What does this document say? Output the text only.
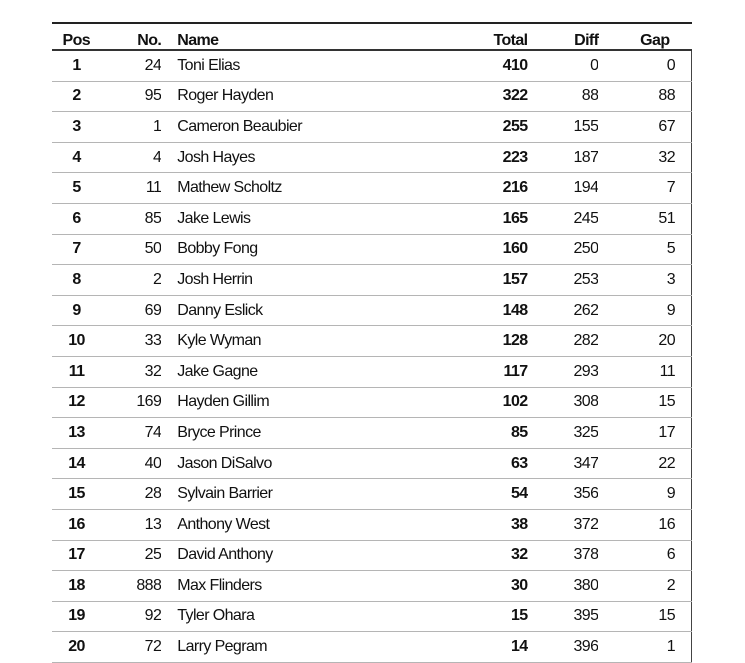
Pos	No.	Name	Total	Diff	Gap
1	24	Toni Elias	410	0	0
2	95	Roger Hayden	322	88	88
3	1	Cameron Beaubier	255	155	67
4	4	Josh Hayes	223	187	32
5	11	Mathew Scholtz	216	194	7
6	85	Jake Lewis	165	245	51
7	50	Bobby Fong	160	250	5
8	2	Josh Herrin	157	253	3
9	69	Danny Eslick	148	262	9
10	33	Kyle Wyman	128	282	20
11	32	Jake Gagne	117	293	11
12	169	Hayden Gillim	102	308	15
13	74	Bryce Prince	85	325	17
14	40	Jason DiSalvo	63	347	22
15	28	Sylvain Barrier	54	356	9
16	13	Anthony West	38	372	16
17	25	David Anthony	32	378	6
18	888	Max Flinders	30	380	2
19	92	Tyler Ohara	15	395	15
20	72	Larry Pegram	14	396	1
